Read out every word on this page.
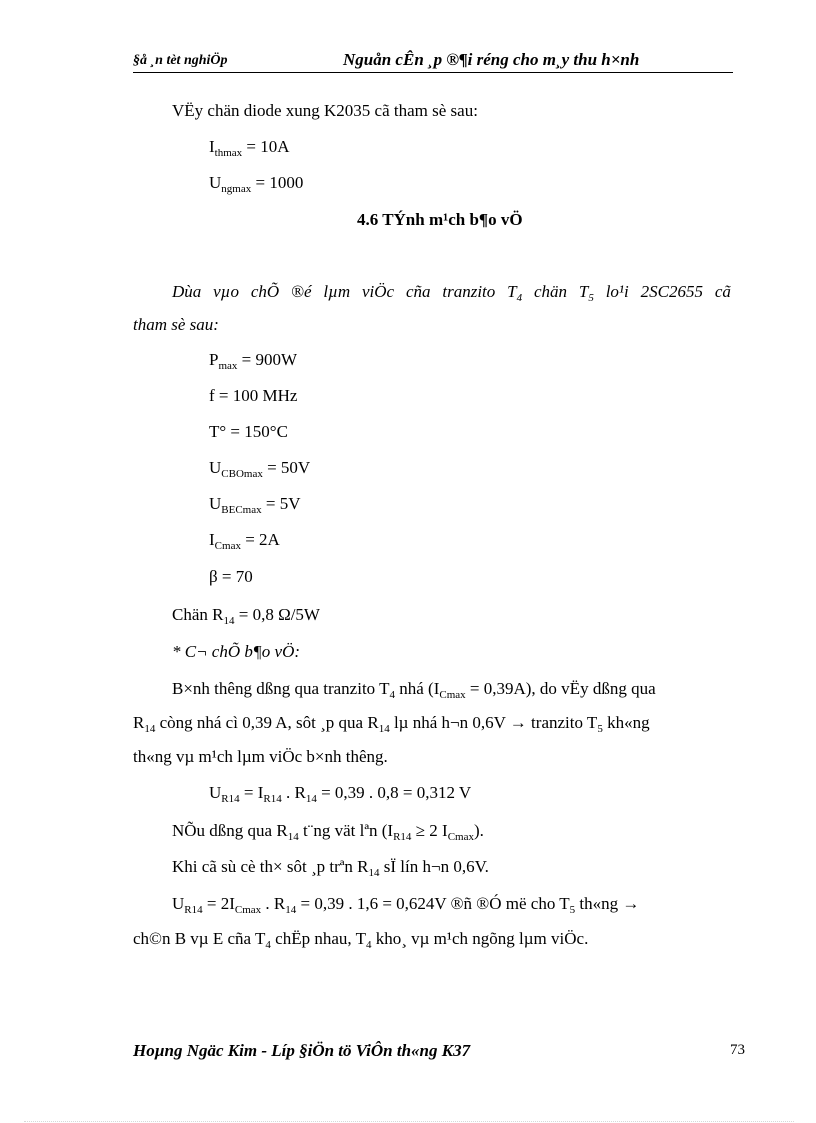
§å ¸n tèt nghiÖp	Nguån cÊn ¸p ®¶i réng cho m¸y thu h×nh
VËy chän diode xung K2035 cã tham sè sau:
$I_{thmax} = 10A$
$U_{ngmax} = 1000$
4.6 TÝnh m¹ch b¶o vÖ
Dùa vµo chÕ ®é lµm viÖc cña tranzito $T_4$ chän $T_5$ lo¹i 2SC2655 cã
tham sè sau:
$P_{max} = 900W$
f = 100 MHz
T° = 150°C
$U_{CBOmax} = 50V$
$U_{BECmax} = 5V$
$I_{Cmax} = 2A$
β = 70
Chän $R_{14} = 0,8$ Ω/5W
* C¬ chÕ b¶o vÖ:
B×nh thêng dßng qua tranzito $T_4$ nhá $(I_{Cmax} = 0,39A)$, do vËy dßng qua
$R_{14}$ còng nhá cì 0,39 A, sôt ¸p qua $R_{14}$ lµ nhá h¬n 0,6V → tranzito $T_5$ kh«ng
th«ng vµ m¹ch lµm viÖc b×nh thêng.
$U_{R14} = I_{R14}$ . $R_{14} = 0,39$ . 0,8 = 0,312 V
NÕu dßng qua $R_{14}$ t¨ng vät lªn ($I_{R14} \ge 2$ $I_{Cmax}$).
Khi cã sù cè th× sôt ¸p trªn $R_{14}$ sÏ lín h¬n 0,6V.
$U_{R14} = 2I_{Cmax}$ . $R_{14} = 0,39$ . 1,6 = 0,624V ®ñ ®Ó më cho $T_5$ th«ng →
ch©n B vµ E cña $T_4$ chËp nhau, $T_4$ kho¸ vµ m¹ch ngõng lµm viÖc.
Hoµng Ngäc Kim - Líp §iÖn tö ViÔn th«ng K37	73
